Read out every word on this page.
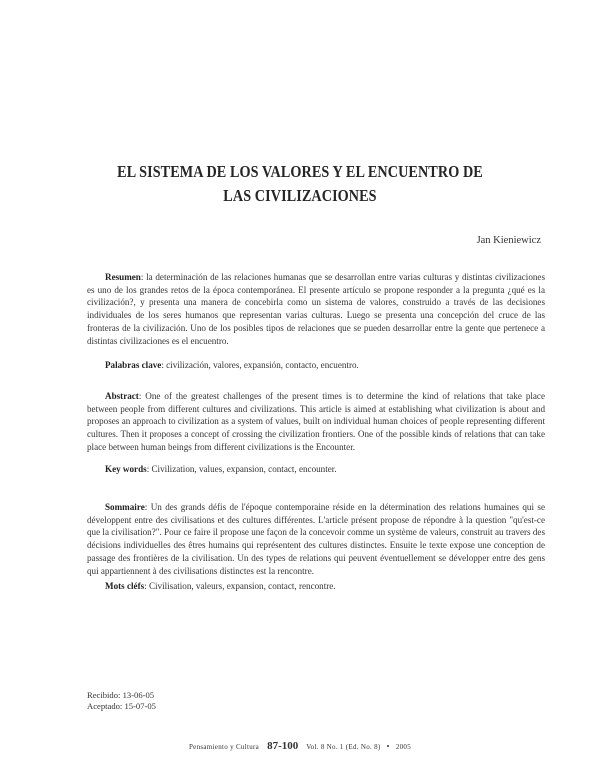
EL SISTEMA DE LOS VALORES Y EL ENCUENTRO DE LAS CIVILIZACIONES
Jan Kieniewicz
Resumen: la determinación de las relaciones humanas que se desarrollan entre varias culturas y distintas civilizaciones es uno de los grandes retos de la época contemporánea. El presente artículo se propone responder a la pregunta ¿qué es la civilización?, y presenta una manera de concebirla como un sistema de valores, construido a través de las decisiones individuales de los seres humanos que representan varias culturas. Luego se presenta una concepción del cruce de las fronteras de la civilización. Uno de los posibles tipos de relaciones que se pueden desarrollar entre la gente que pertenece a distintas civilizaciones es el encuentro.
Palabras clave: civilización, valores, expansión, contacto, encuentro.
Abstract: One of the greatest challenges of the present times is to determine the kind of relations that take place between people from different cultures and civilizations. This article is aimed at establishing what civilization is about and proposes an approach to civilization as a system of values, built on individual human choices of people representing different cultures. Then it proposes a concept of crossing the civilization frontiers. One of the possible kinds of relations that can take place between human beings from different civilizations is the Encounter.
Key words: Civilization, values, expansion, contact, encounter.
Sommaire: Un des grands défis de l'époque contemporaine réside en la détermination des relations humaines qui se développent entre des civilisations et des cultures différentes. L'article présent propose de répondre à la question "qu'est-ce que la civilisation?". Pour ce faire il propose une façon de la concevoir comme un système de valeurs, construit au travers des décisions individuelles des êtres humains qui représentent des cultures distinctes. Ensuite le texte expose une conception de passage des frontières de la civilisation. Un des types de relations qui peuvent éventuellement se développer entre des gens qui appartiennent à des civilisations distinctes est la rencontre.
Mots cléfs: Civilisation, valeurs, expansion, contact, rencontre.
Recibido: 13-06-05
Aceptado: 15-07-05
Pensamiento y Cultura 87-100 Vol. 8 No. 1 (Ed. No. 8) • 2005
